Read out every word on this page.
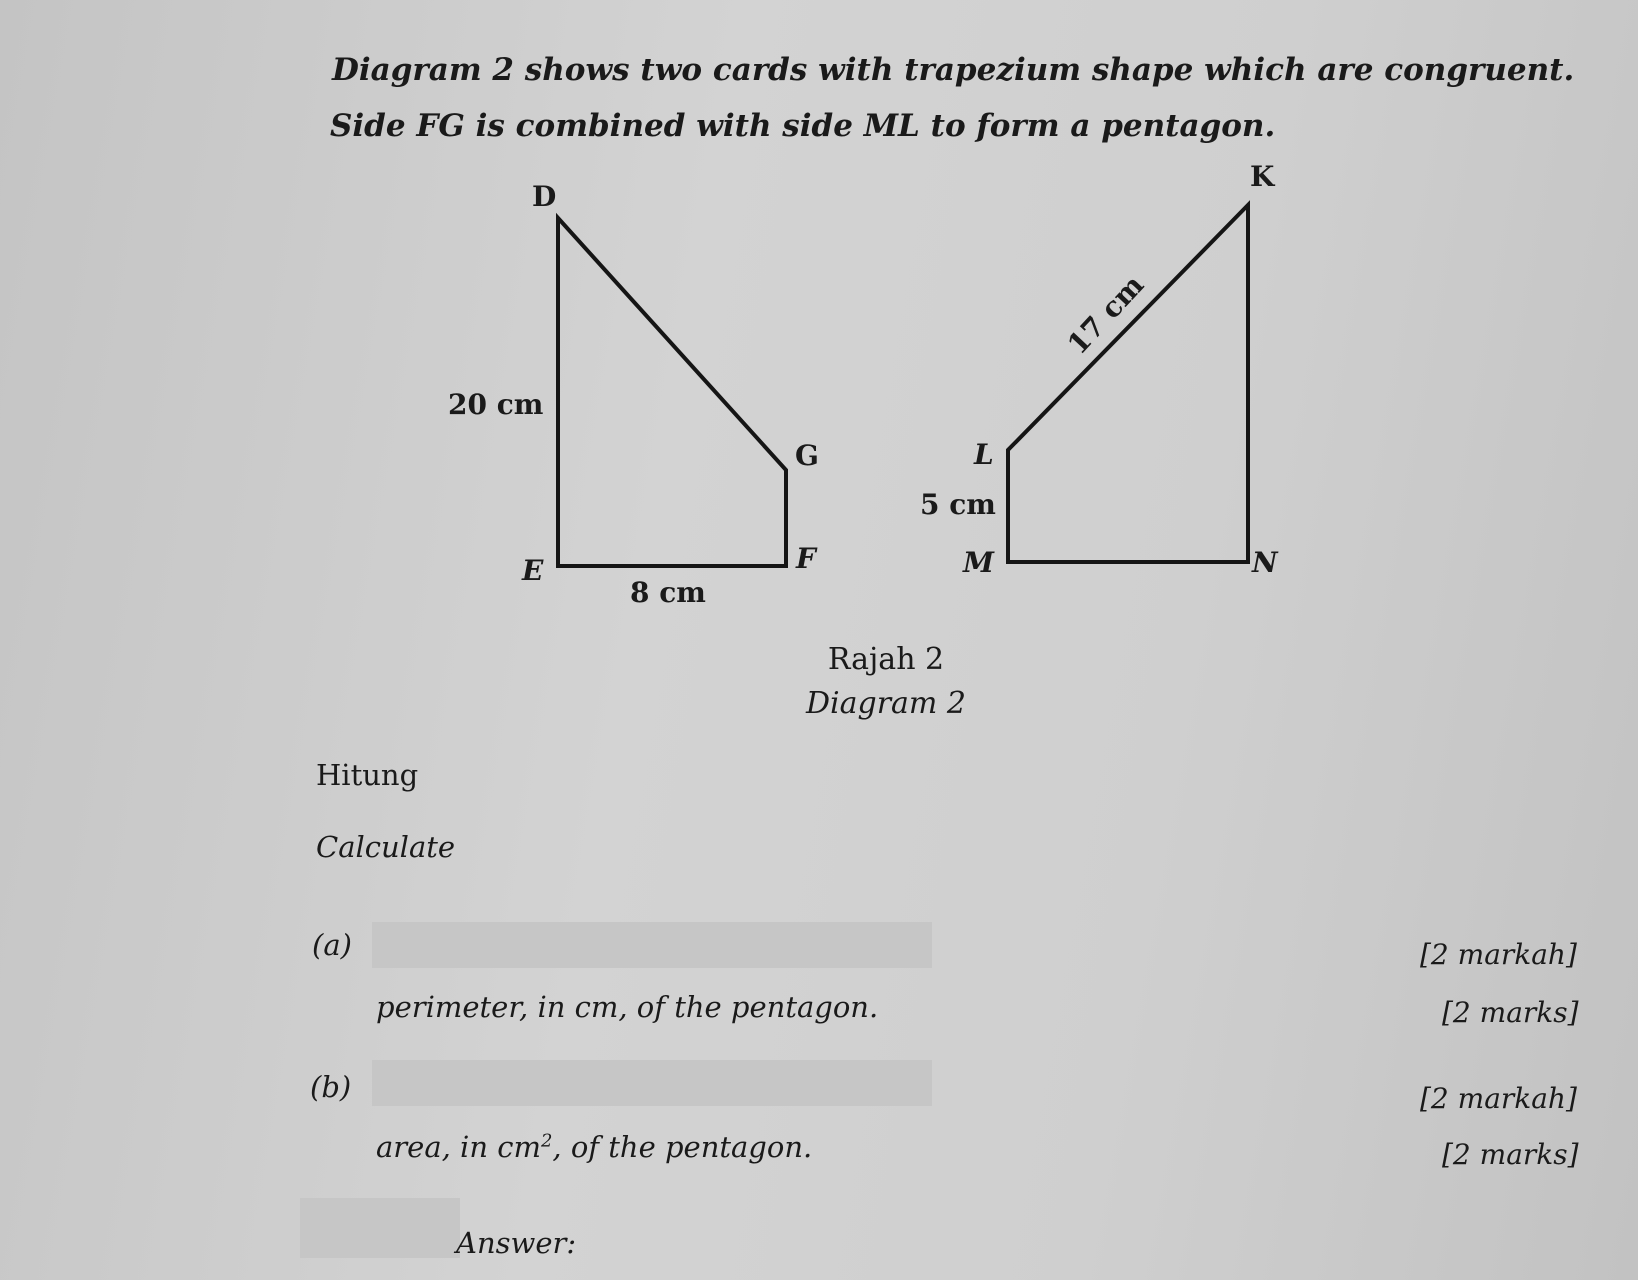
Diagram 2 shows two cards with trapezium shape which are congruent.
Side FG is combined with side ML to form a pentagon.
D
G
E	F
K
L
M	N
20 cm
8 cm
5 cm
17 cm
Rajah 2
Diagram 2
Hitung
Calculate
(a)	[2 markah]
perimeter, in cm, of the pentagon.	[2 marks]
(b)	[2 markah]
area, in $cm^2$, of the pentagon.	[2 marks]
Answer:
